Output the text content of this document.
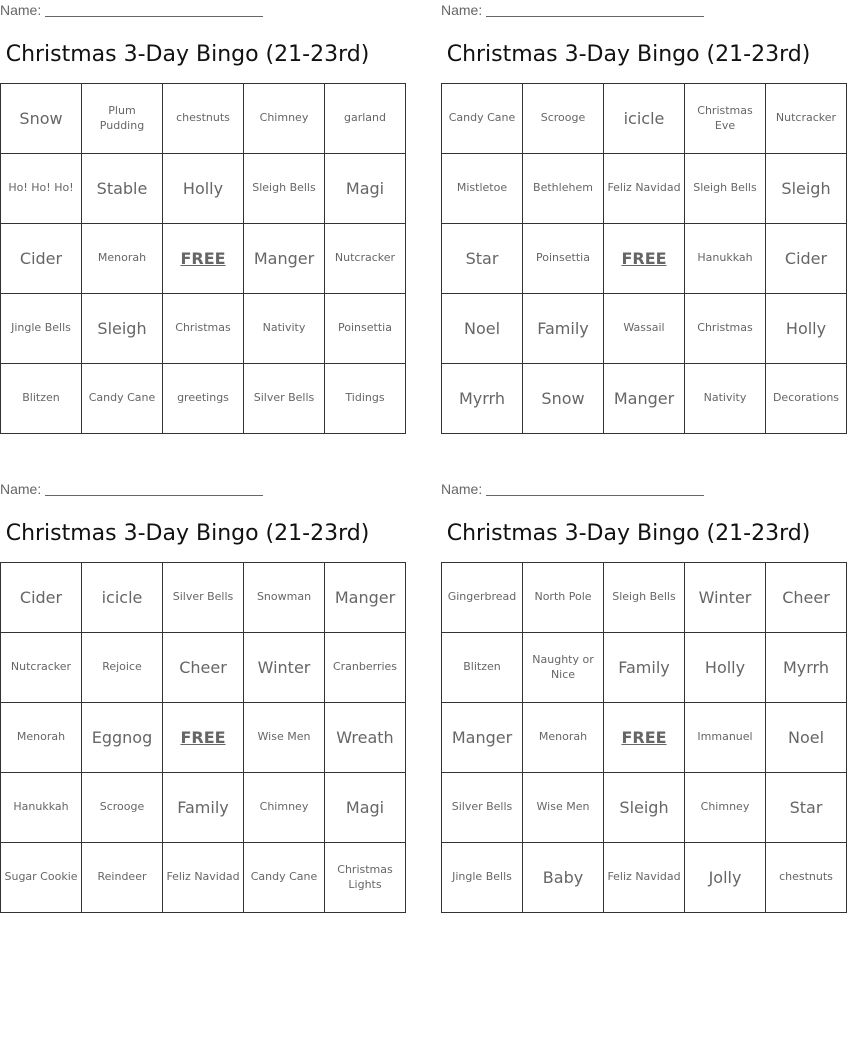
Name:
Christmas 3-Day Bingo (21-23rd)
Snow	Plum Pudding	chestnuts	Chimney	garland
Ho! Ho! Ho!	Stable	Holly	Sleigh Bells	Magi
Cider	Menorah	FREE	Manger	Nutcracker
Jingle Bells	Sleigh	Christmas	Nativity	Poinsettia
Blitzen	Candy Cane	greetings	Silver Bells	Tidings
Name:
Christmas 3-Day Bingo (21-23rd)
Candy Cane	Scrooge	icicle	Christmas Eve	Nutcracker
Mistletoe	Bethlehem	Feliz Navidad	Sleigh Bells	Sleigh
Star	Poinsettia	FREE	Hanukkah	Cider
Noel	Family	Wassail	Christmas	Holly
Myrrh	Snow	Manger	Nativity	Decorations
Name:
Christmas 3-Day Bingo (21-23rd)
Cider	icicle	Silver Bells	Snowman	Manger
Nutcracker	Rejoice	Cheer	Winter	Cranberries
Menorah	Eggnog	FREE	Wise Men	Wreath
Hanukkah	Scrooge	Family	Chimney	Magi
Sugar Cookie	Reindeer	Feliz Navidad	Candy Cane	Christmas Lights
Name:
Christmas 3-Day Bingo (21-23rd)
Gingerbread	North Pole	Sleigh Bells	Winter	Cheer
Blitzen	Naughty or Nice	Family	Holly	Myrrh
Manger	Menorah	FREE	Immanuel	Noel
Silver Bells	Wise Men	Sleigh	Chimney	Star
Jingle Bells	Baby	Feliz Navidad	Jolly	chestnuts
